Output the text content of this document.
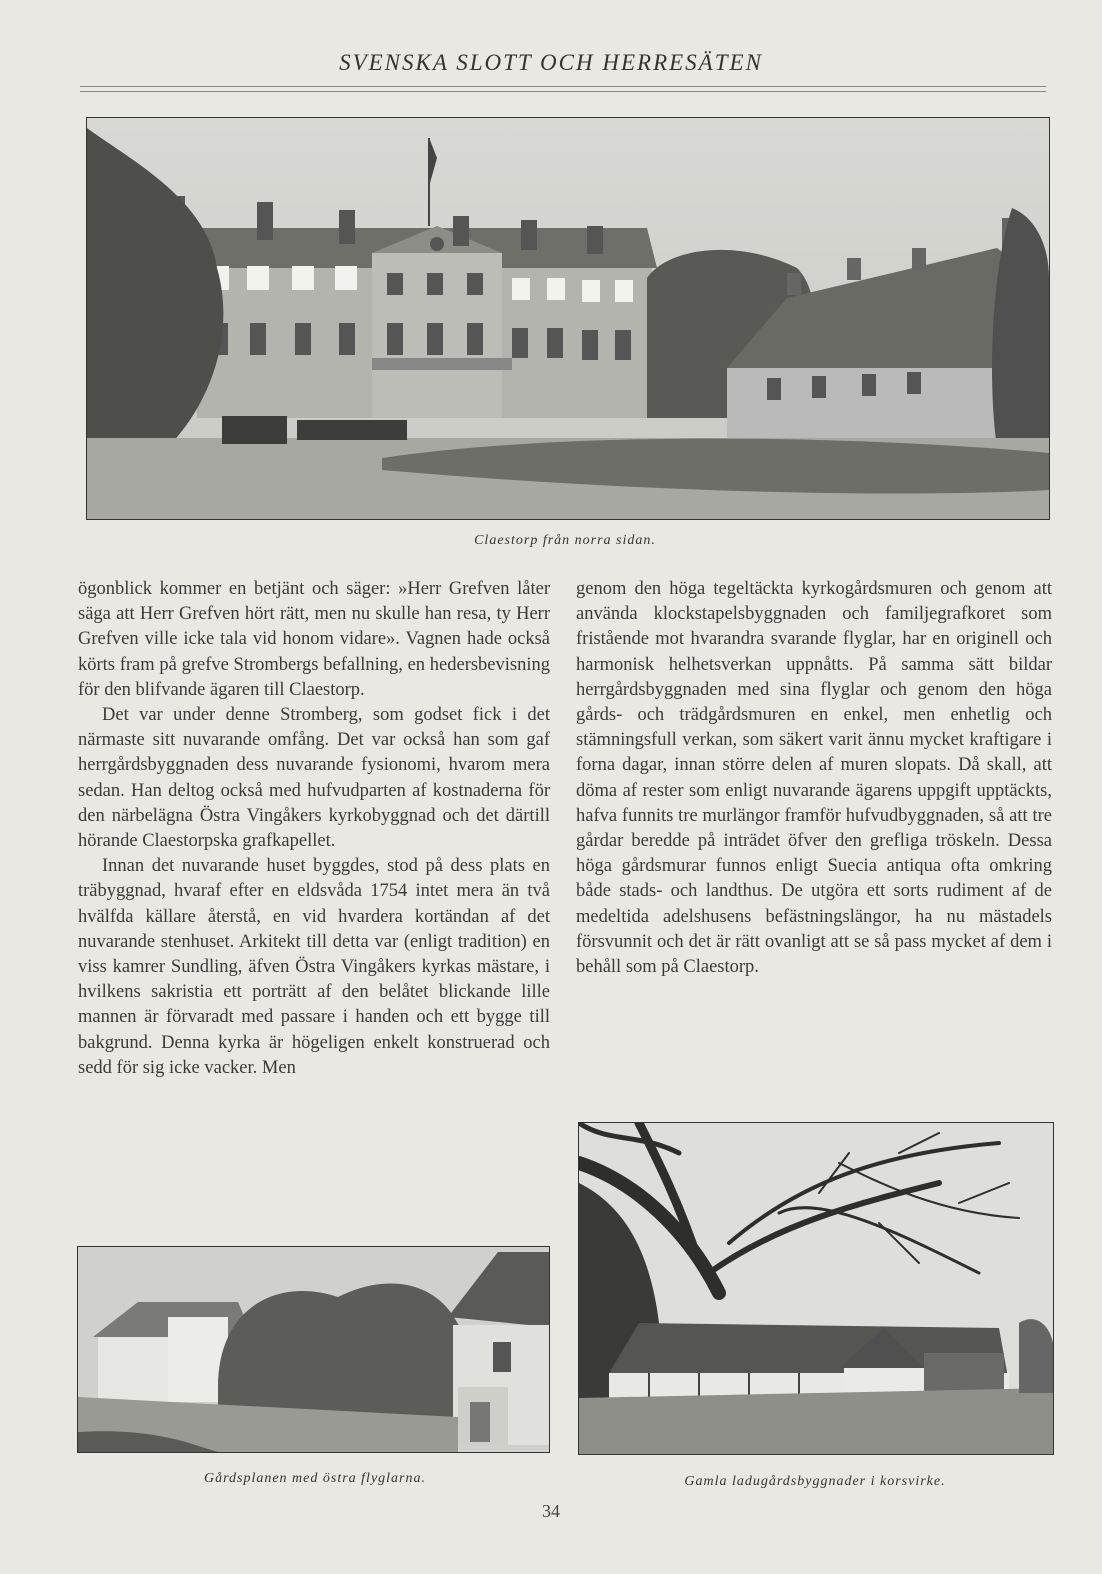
SVENSKA SLOTT OCH HERRESÄTEN
Claestorp från norra sidan.

ögonblick kommer en betjänt och säger: »Herr Grefven låter säga att Herr Grefven hört rätt, men nu skulle han resa, ty Herr Grefven ville icke tala vid honom vidare». Vagnen hade också körts fram på grefve Strombergs befallning, en hedersbevisning för den blifvande ägaren till Claestorp.

Det var under denne Stromberg, som godset fick i det närmaste sitt nuvarande omfång. Det var också han som gaf herrgårdsbyggnaden dess nuvarande fysionomi, hvarom mera sedan. Han deltog också med hufvudparten af kostnaderna för den närbelägna Östra Vingåkers kyrkobyggnad och det därtill hörande Claestorpska grafkapellet.

Innan det nuvarande huset byggdes, stod på dess plats en träbyggnad, hvaraf efter en eldsvåda 1754 intet mera än två hvälfda källare återstå, en vid hvardera kortändan af det nuvarande stenhuset. Arkitekt till detta var (enligt tradition) en viss kamrer Sundling, äfven Östra Vingåkers kyrkas mästare, i hvilkens sakristia ett porträtt af den belåtet blickande lille mannen är förvaradt med passare i handen och ett bygge till bakgrund. Denna kyrka är högeligen enkelt konstruerad och sedd för sig icke vacker. Men

genom den höga tegeltäckta kyrkogårdsmuren och genom att använda klockstapelsbyggnaden och familjegrafkoret som fristående mot hvarandra svarande flyglar, har en originell och harmonisk helhetsverkan uppnåtts. På samma sätt bildar herrgårdsbyggnaden med sina flyglar och genom den höga gårds- och trädgårdsmuren en enkel, men enhetlig och stämningsfull verkan, som säkert varit ännu mycket kraftigare i forna dagar, innan större delen af muren slopats. Då skall, att döma af rester som enligt nuvarande ägarens uppgift upptäckts, hafva funnits tre murlängor framför hufvudbyggnaden, så att tre gårdar beredde på inträdet öfver den grefliga tröskeln. Dessa höga gårdsmurar funnos enligt Suecia antiqua ofta omkring både stads- och landthus. De utgöra ett sorts rudiment af de medeltida adelshusens befästningslängor, ha nu mästadels försvunnit och det är rätt ovanligt att se så pass mycket af dem i behåll som på Claestorp.

Gårdsplanen med östra flyglarna.	Gamla ladugårdsbyggnader i korsvirke.
34
